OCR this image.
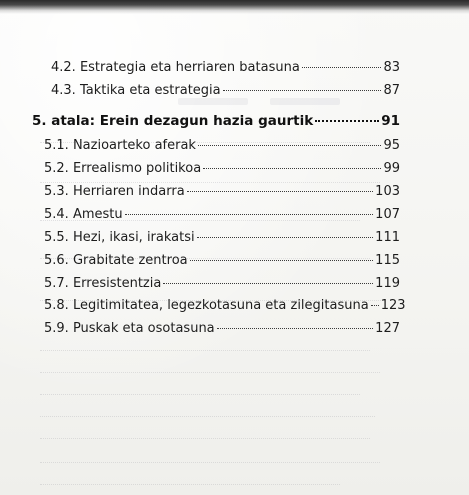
4.2. Estrategia eta herriaren batasuna	83
4.3. Taktika eta estrategia	87
5. atala: Erein dezagun hazia gaurtik	91
5.1. Nazioarteko aferak	95
5.2. Errealismo politikoa	99
5.3. Herriaren indarra	103
5.4. Amestu	107
5.5. Hezi, ikasi, irakatsi	111
5.6. Grabitate zentroa	115
5.7. Erresistentzia	119
5.8. Legitimitatea, legezkotasuna eta zilegitasuna 123
5.9. Puskak eta osotasuna	127
